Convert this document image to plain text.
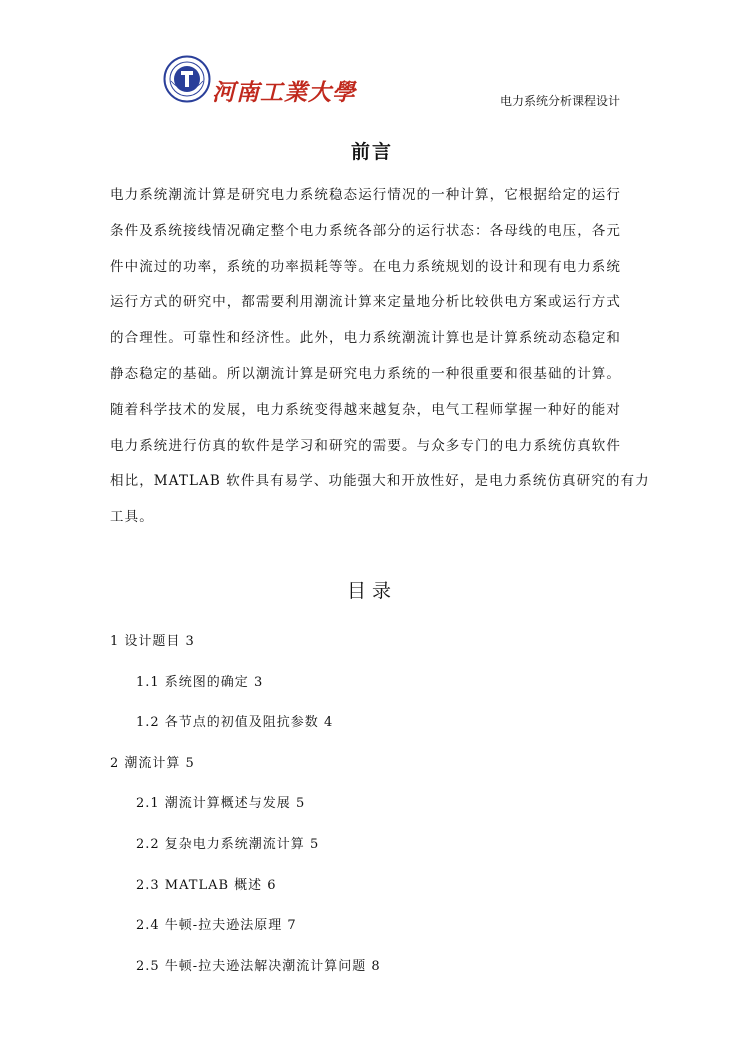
河南工業大學	电力系统分析课程设计
前言
电力系统潮流计算是研究电力系统稳态运行情况的一种计算，它根据给定的运行
条件及系统接线情况确定整个电力系统各部分的运行状态：各母线的电压，各元
件中流过的功率，系统的功率损耗等等。在电力系统规划的设计和现有电力系统
运行方式的研究中，都需要利用潮流计算来定量地分析比较供电方案或运行方式
的合理性。可靠性和经济性。此外，电力系统潮流计算也是计算系统动态稳定和
静态稳定的基础。所以潮流计算是研究电力系统的一种很重要和很基础的计算。
随着科学技术的发展，电力系统变得越来越复杂，电气工程师掌握一种好的能对
电力系统进行仿真的软件是学习和研究的需要。与众多专门的电力系统仿真软件
相比，MATLAB 软件具有易学、功能强大和开放性好，是电力系统仿真研究的有力
工具。
目录
1 设计题目 3
1.1 系统图的确定 3
1.2 各节点的初值及阻抗参数 4
2 潮流计算 5
2.1 潮流计算概述与发展 5
2.2 复杂电力系统潮流计算 5
2.3 MATLAB 概述 6
2.4 牛顿-拉夫逊法原理 7
2.5 牛顿-拉夫逊法解决潮流计算问题 8
